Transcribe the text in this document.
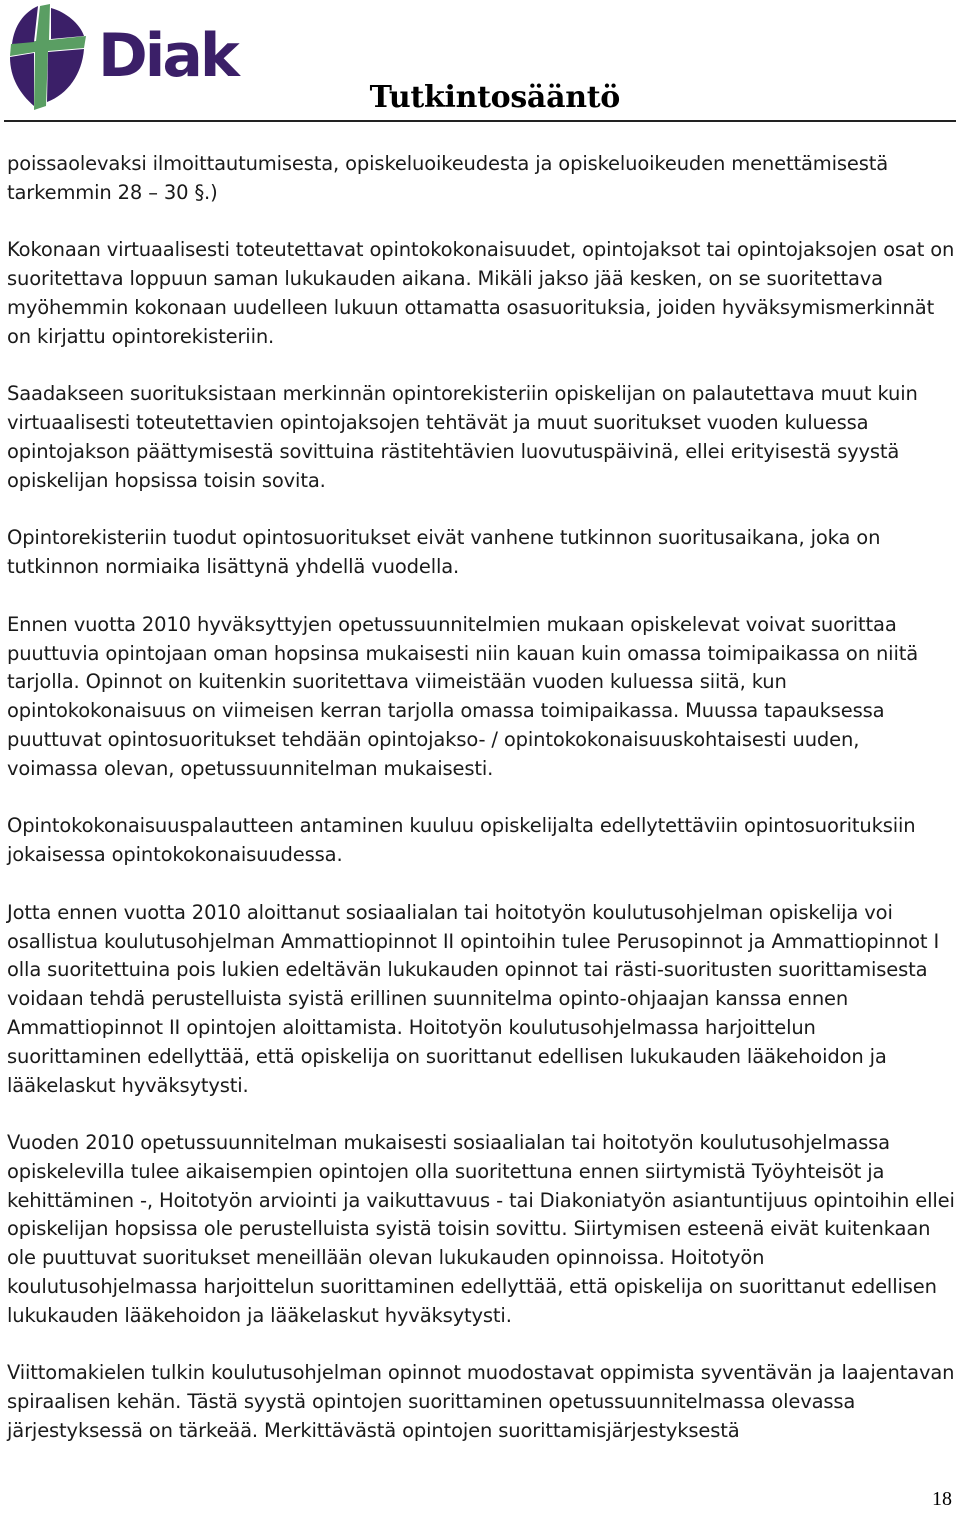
Diak
Tutkintosääntö

poissaolevaksi ilmoittautumisesta, opiskeluoikeudesta ja opiskeluoikeuden menettämisestä tarkemmin 28 – 30 §.)

Kokonaan virtuaalisesti toteutettavat opintokokonaisuudet, opintojaksot tai opintojaksojen osat on suoritettava loppuun saman lukukauden aikana. Mikäli jakso jää kesken, on se suoritettava myöhemmin kokonaan uudelleen lukuun ottamatta osasuorituksia, joiden hyväksymismerkinnät on kirjattu opintorekisteriin.

Saadakseen suorituksistaan merkinnän opintorekisteriin opiskelijan on palautettava muut kuin virtuaalisesti toteutettavien opintojaksojen tehtävät ja muut suoritukset vuoden kuluessa opintojakson päättymisestä sovittuina rästitehtävien luovutuspäivinä, ellei erityisestä syystä opiskelijan hopsissa toisin sovita.

Opintorekisteriin tuodut opintosuoritukset eivät vanhene tutkinnon suoritusaikana, joka on tutkinnon normiaika lisättynä yhdellä vuodella.

Ennen vuotta 2010 hyväksyttyjen opetussuunnitelmien mukaan opiskelevat voivat suorittaa puuttuvia opintojaan oman hopsinsa mukaisesti niin kauan kuin omassa toimipaikassa on niitä tarjolla. Opinnot on kuitenkin suoritettava viimeistään vuoden kuluessa siitä, kun opintokokonaisuus on viimeisen kerran tarjolla omassa toimipaikassa. Muussa tapauksessa puuttuvat opintosuoritukset tehdään opintojakso- / opintokokonaisuuskohtaisesti uuden, voimassa olevan, opetussuunnitelman mukaisesti.

Opintokokonaisuuspalautteen antaminen kuuluu opiskelijalta edellytettäviin opintosuorituksiin jokaisessa opintokokonaisuudessa.

Jotta ennen vuotta 2010 aloittanut sosiaalialan tai hoitotyön koulutusohjelman opiskelija voi osallistua koulutusohjelman Ammattiopinnot II opintoihin tulee Perusopinnot ja Ammattiopinnot I olla suoritettuina pois lukien edeltävän lukukauden opinnot tai rästi-suoritusten suorittamisesta voidaan tehdä perustelluista syistä erillinen suunnitelma opinto-ohjaajan kanssa ennen Ammattiopinnot II opintojen aloittamista. Hoitotyön koulutusohjelmassa harjoittelun suorittaminen edellyttää, että opiskelija on suorittanut edellisen lukukauden lääkehoidon ja lääkelaskut hyväksytysti.

Vuoden 2010 opetussuunnitelman mukaisesti sosiaalialan tai hoitotyön koulutusohjelmassa opiskelevilla tulee aikaisempien opintojen olla suoritettuna ennen siirtymistä Työyhteisöt ja kehittäminen -, Hoitotyön arviointi ja vaikuttavuus - tai Diakoniatyön asiantuntijuus opintoihin ellei opiskelijan hopsissa ole perustelluista syistä toisin sovittu. Siirtymisen esteenä eivät kuitenkaan ole puuttuvat suoritukset meneillään olevan lukukauden opinnoissa. Hoitotyön koulutusohjelmassa harjoittelun suorittaminen edellyttää, että opiskelija on suorittanut edellisen lukukauden lääkehoidon ja lääkelaskut hyväksytysti.

Viittomakielen tulkin koulutusohjelman opinnot muodostavat oppimista syventävän ja laajentavan spiraalisen kehän. Tästä syystä opintojen suorittaminen opetussuunnitelmassa olevassa järjestyksessä on tärkeää. Merkittävästä opintojen suorittamisjärjestyksestä

18
